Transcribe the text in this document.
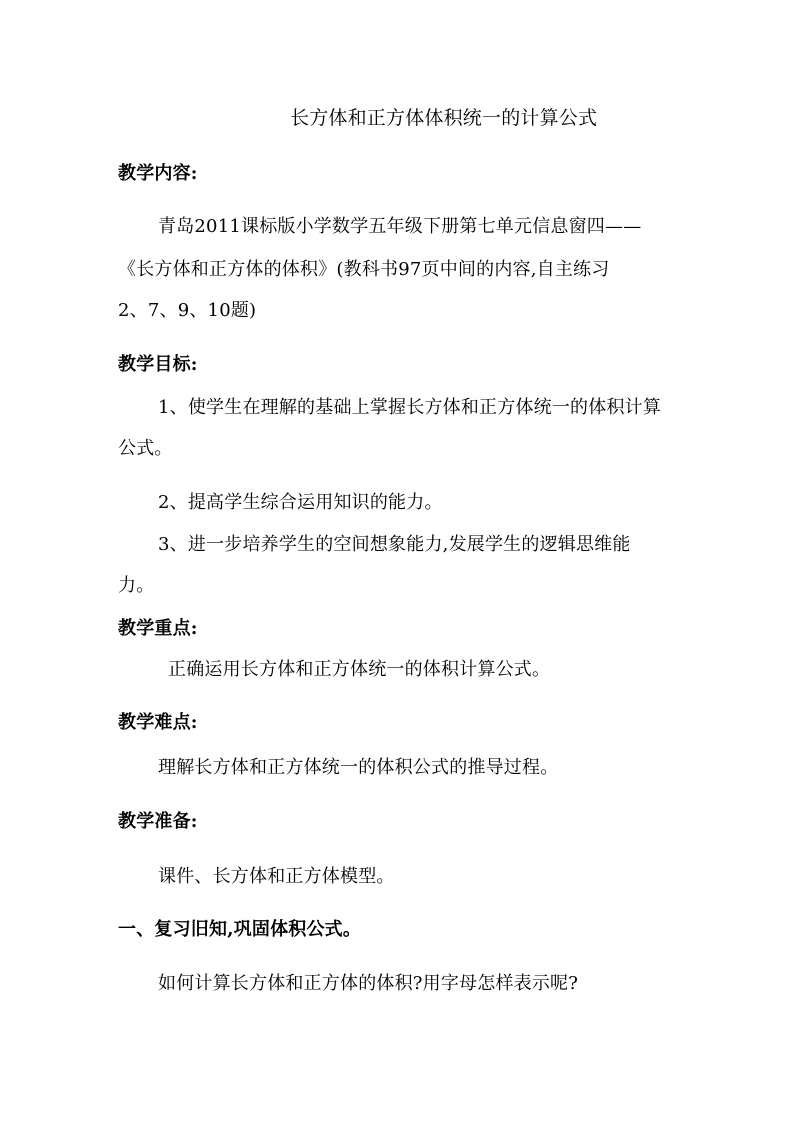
长方体和正方体体积统一的计算公式
教学内容:
青岛2011课标版小学数学五年级下册第七单元信息窗四——
《长方体和正方体的体积》(教科书97页中间的内容,自主练习
2、7、9、10题)
教学目标:
1、使学生在理解的基础上掌握长方体和正方体统一的体积计算
公式。
2、提高学生综合运用知识的能力。
3、进一步培养学生的空间想象能力,发展学生的逻辑思维能
力。
教学重点:
正确运用长方体和正方体统一的体积计算公式。
教学难点:
理解长方体和正方体统一的体积公式的推导过程。
教学准备:
课件、长方体和正方体模型。
一、复习旧知,巩固体积公式。
如何计算长方体和正方体的体积?用字母怎样表示呢?
